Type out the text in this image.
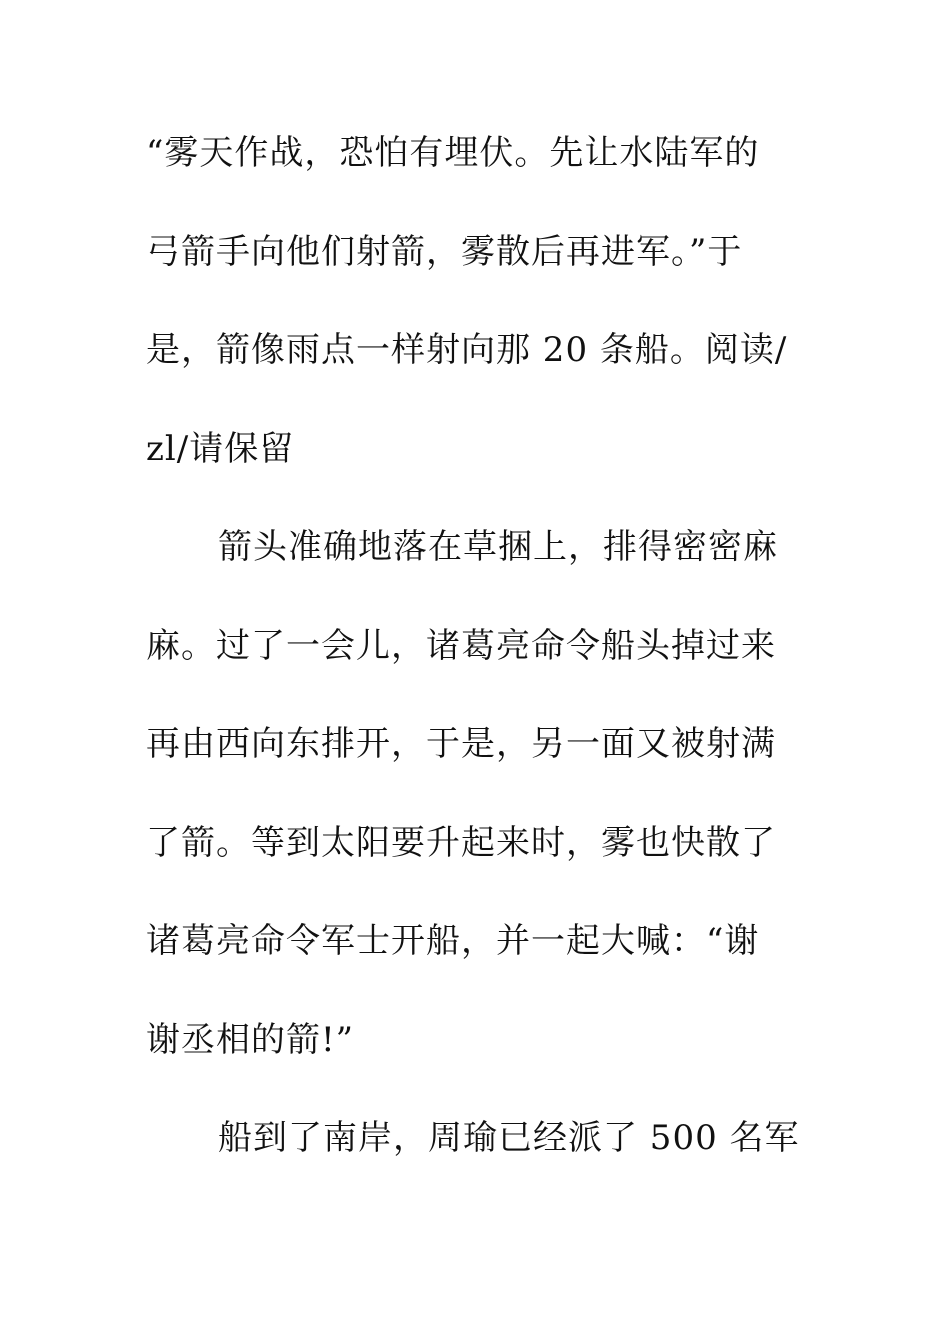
“雾天作战，恐怕有埋伏。先让水陆军的
弓箭手向他们射箭，雾散后再进军。”于
是，箭像雨点一样射向那 20 条船。阅读/
zl/请保留
箭头准确地落在草捆上，排得密密麻
麻。过了一会儿，诸葛亮命令船头掉过来
再由西向东排开，于是，另一面又被射满
了箭。等到太阳要升起来时，雾也快散了
诸葛亮命令军士开船，并一起大喊：“谢
谢丞相的箭!”
船到了南岸，周瑜已经派了 500 名军
